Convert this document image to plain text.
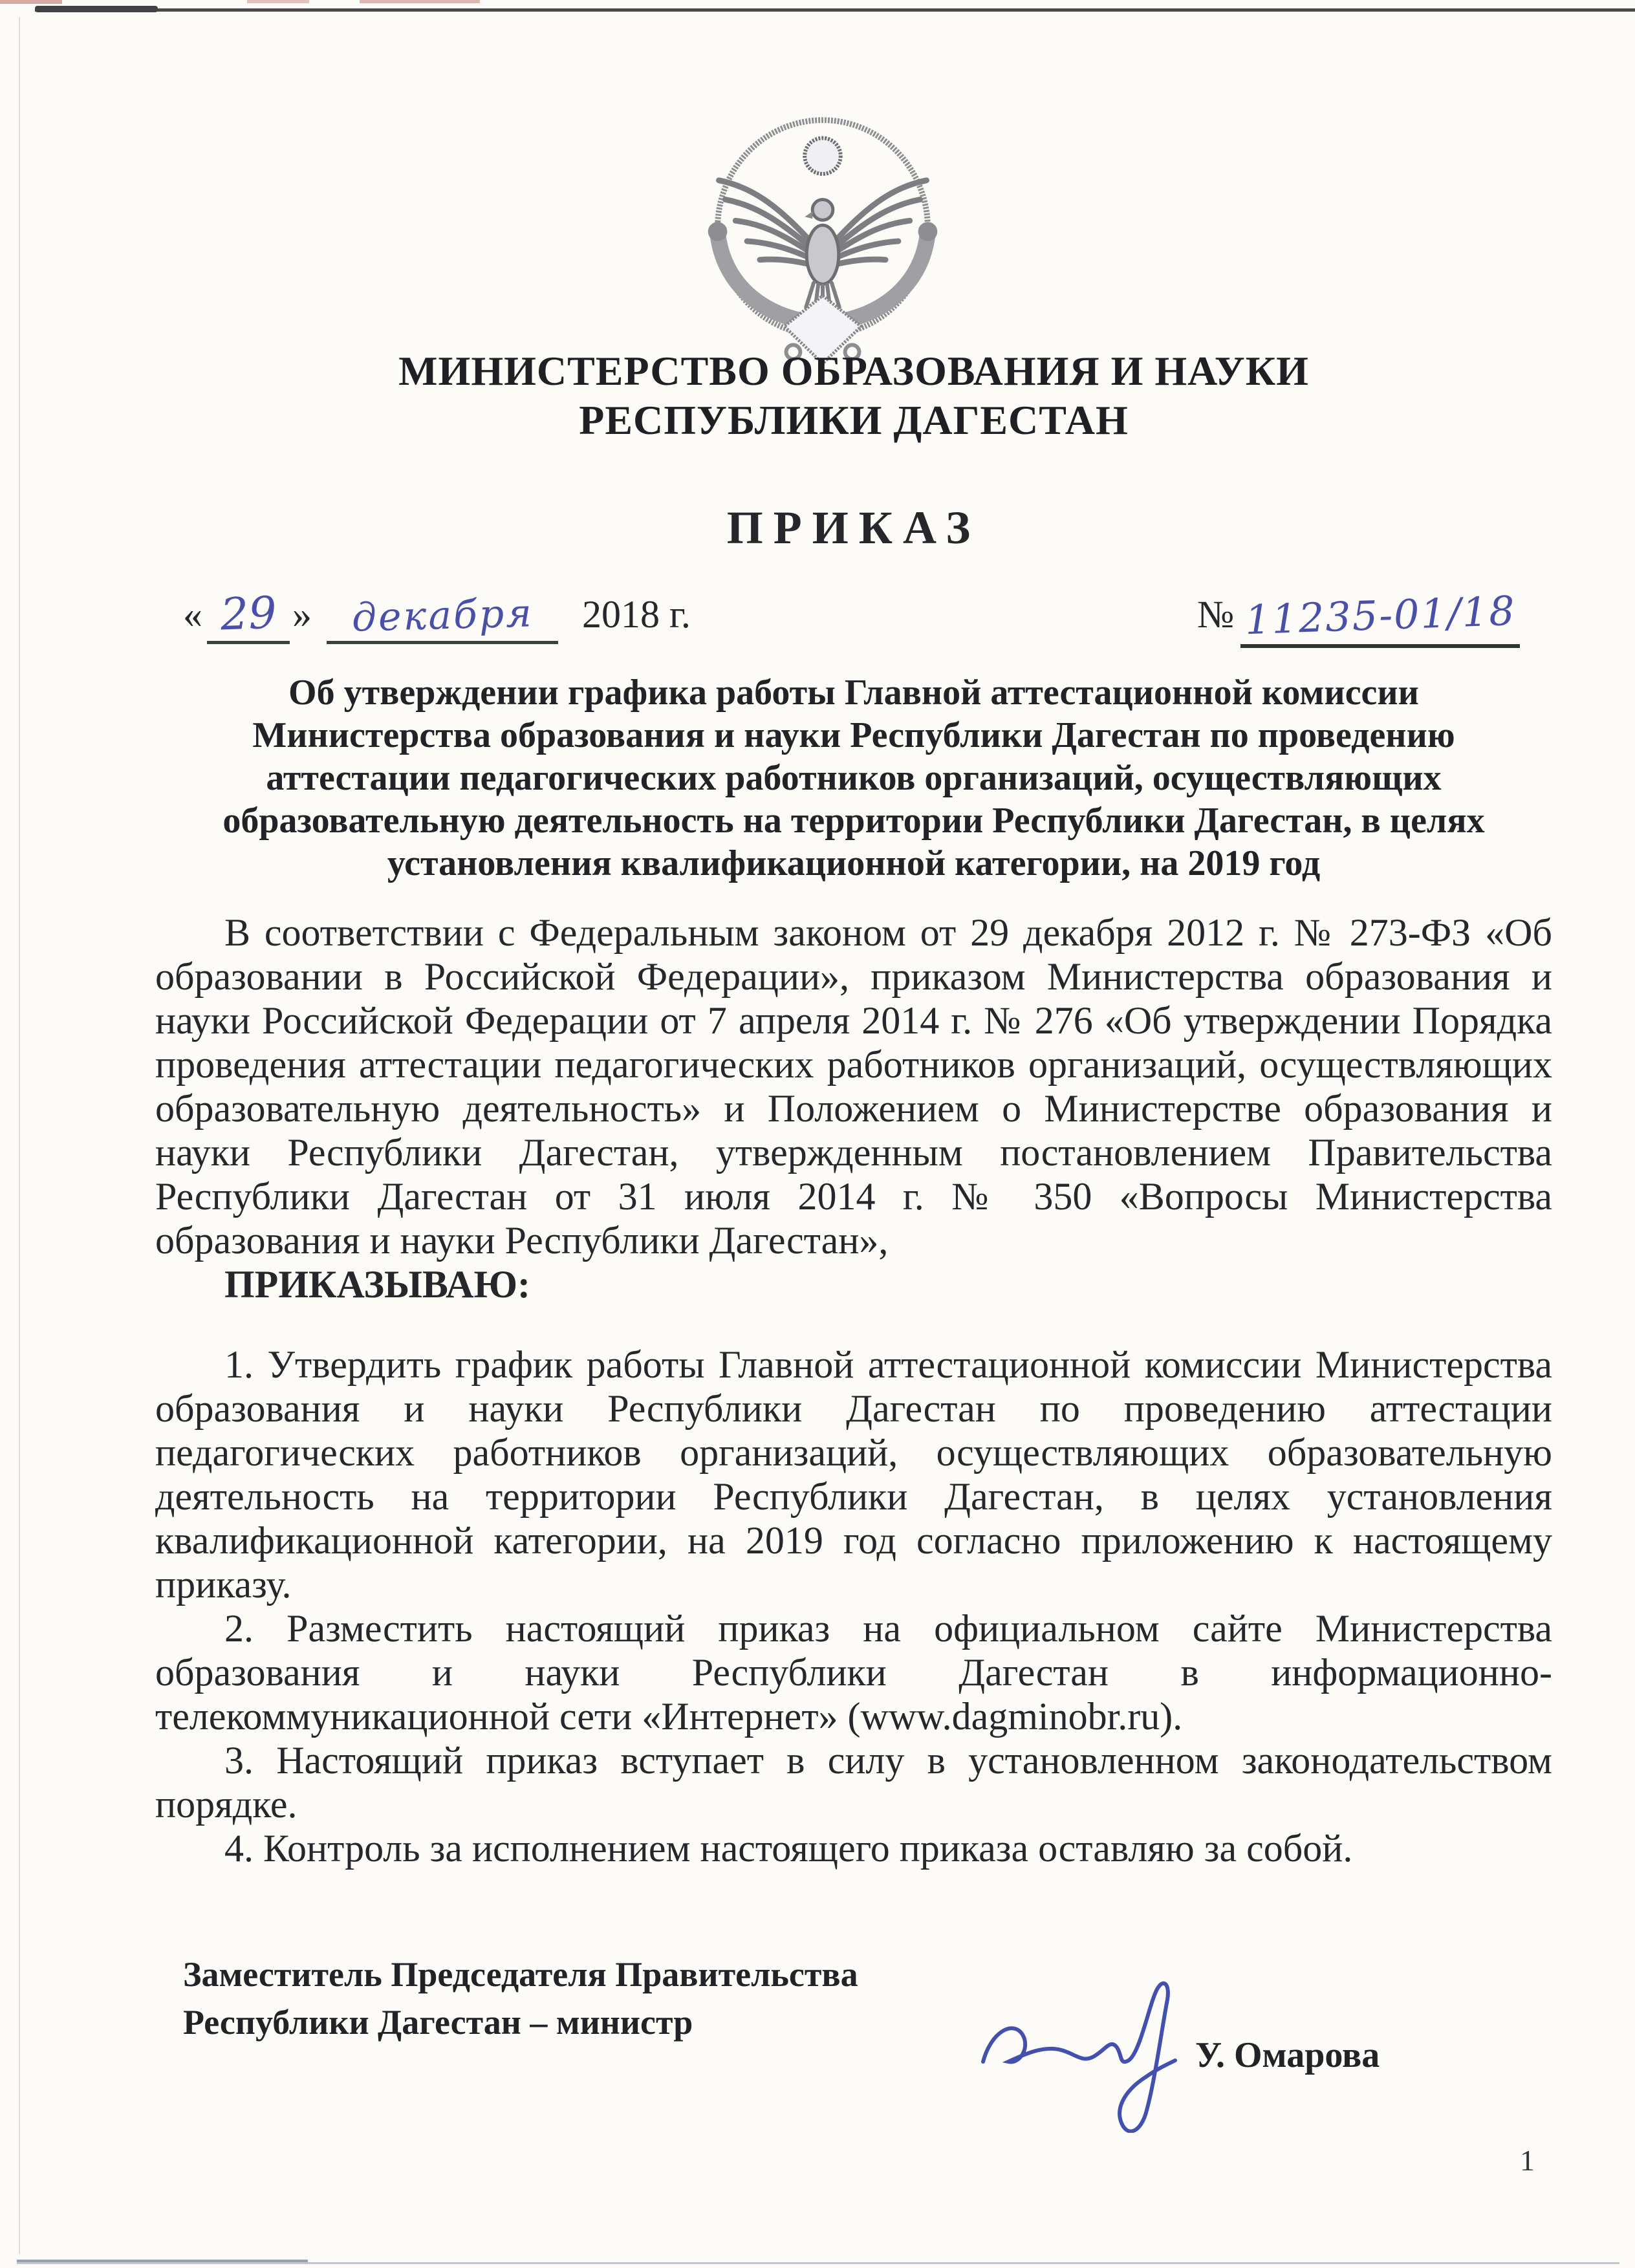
МИНИСТЕРСТВО ОБРАЗОВАНИЯ И НАУКИ
РЕСПУБЛИКИ ДАГЕСТАН
ПРИКАЗ
« 29 » декабря 2018 г.	№ 11235-01/18
Об утверждении графика работы Главной аттестационной комиссии
Министерства образования и науки Республики Дагестан по проведению
аттестации педагогических работников организаций, осуществляющих
образовательную деятельность на территории Республики Дагестан, в целях
установления квалификационной категории, на 2019 год
В соответствии с Федеральным законом от 29 декабря 2012 г. № 273-ФЗ «Об
образовании в Российской Федерации», приказом Министерства образования и
науки Российской Федерации от 7 апреля 2014 г. № 276 «Об утверждении Порядка
проведения аттестации педагогических работников организаций, осуществляющих
образовательную деятельность» и Положением о Министерстве образования и
науки Республики Дагестан, утвержденным постановлением Правительства
Республики Дагестан от 31 июля 2014 г. № 350 «Вопросы Министерства
образования и науки Республики Дагестан»,
ПРИКАЗЫВАЮ:
1. Утвердить график работы Главной аттестационной комиссии Министерства
образования и науки Республики Дагестан по проведению аттестации
педагогических работников организаций, осуществляющих образовательную
деятельность на территории Республики Дагестан, в целях установления
квалификационной категории, на 2019 год согласно приложению к настоящему
приказу.
2. Разместить настоящий приказ на официальном сайте Министерства
образования и науки Республики Дагестан в информационно-
телекоммуникационной сети «Интернет» (www.dagminobr.ru).
3. Настоящий приказ вступает в силу в установленном законодательством
порядке.
4. Контроль за исполнением настоящего приказа оставляю за собой.
Заместитель Председателя Правительства
Республики Дагестан – министр
У. Омарова
1
